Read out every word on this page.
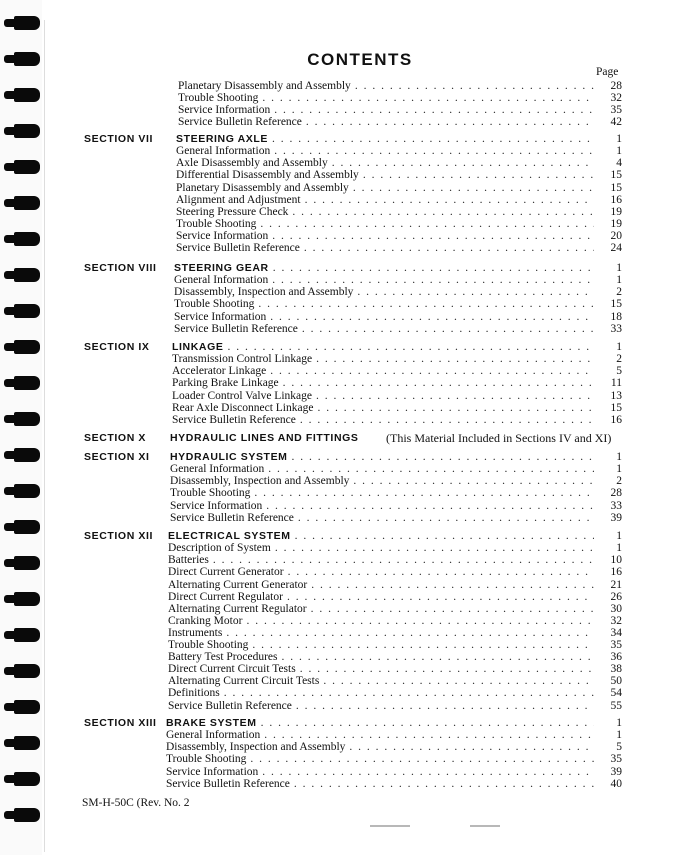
CONTENTS
Page
Planetary Disassembly and Assembly . . .	28
Trouble Shooting . . .	32
Service Information . . .	35
Service Bulletin Reference . . .	42
SECTION VII STEERING AXLE . . .	1
General Information . . .	1
Axle Disassembly and Assembly . . .	4
Differential Disassembly and Assembly . . .	15
Planetary Disassembly and Assembly . . .	15
Alignment and Adjustment . . .	16
Steering Pressure Check . . .	19
Trouble Shooting . . .	19
Service Information . . .	20
Service Bulletin Reference . . .	24
SECTION VIII STEERING GEAR . . .	1
General Information . . .	1
Disassembly, Inspection and Assembly . . .	2
Trouble Shooting . . .	15
Service Information . . .	18
Service Bulletin Reference . . .	33
SECTION IX LINKAGE . . .	1
Transmission Control Linkage . . .	2
Accelerator Linkage . . .	5
Parking Brake Linkage . . .	11
Loader Control Valve Linkage . . .	13
Rear Axle Disconnect Linkage . . .	15
Service Bulletin Reference . . .	16
SECTION X HYDRAULIC LINES AND FITTINGS (This Material Included in Sections IV and XI)
SECTION XI HYDRAULIC SYSTEM . . .	1
General Information . . .	1
Disassembly, Inspection and Assembly . . .	2
Trouble Shooting . . .	28
Service Information . . .	33
Service Bulletin Reference . . .	39
SECTION XII ELECTRICAL SYSTEM . . .	1
Description of System . . .	1
Batteries . . .	10
Direct Current Generator . . .	16
Alternating Current Generator . . .	21
Direct Current Regulator . . .	26
Alternating Current Regulator . . .	30
Cranking Motor . . .	32
Instruments . . .	34
Trouble Shooting . . .	35
Battery Test Procedures . . .	36
Direct Current Circuit Tests . . .	38
Alternating Current Circuit Tests . . .	50
Definitions . . .	54
Service Bulletin Reference . . .	55
SECTION XIII BRAKE SYSTEM . . .	1
General Information . . .	1
Disassembly, Inspection and Assembly . . .	5
Trouble Shooting . . .	35
Service Information . . .	39
Service Bulletin Reference . . .	40
SM-H-50C (Rev. No. 2
